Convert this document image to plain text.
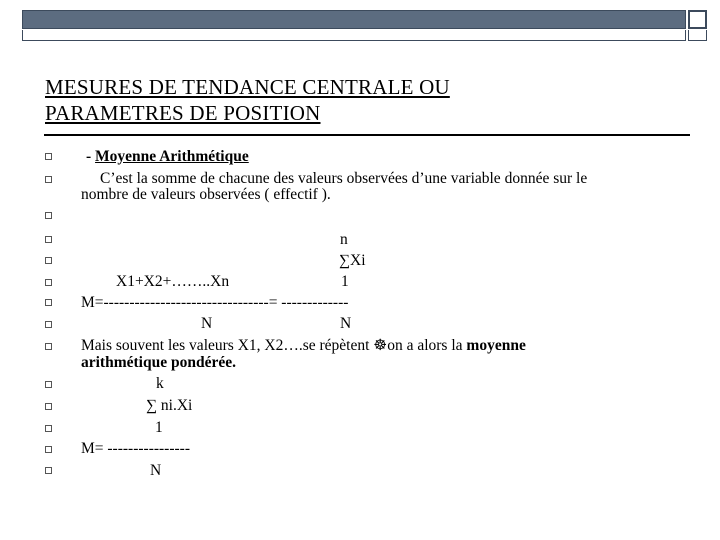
MESURES DE TENDANCE CENTRALE OU
PARAMETRES DE POSITION
- Moyenne Arithmétique
C’est la somme de chacune des valeurs observées d’une variable donnée sur le
nombre de valeurs observées ( effectif ).
n
∑Xi
X1+X2+……..Xn	1
M=--------------------------------= -------------
N	N
Mais souvent les valeurs X1, X2….se répètent ☸on a alors la moyenne
arithmétique pondérée.
k
∑ ni.Xi
1
M= ----------------
N
